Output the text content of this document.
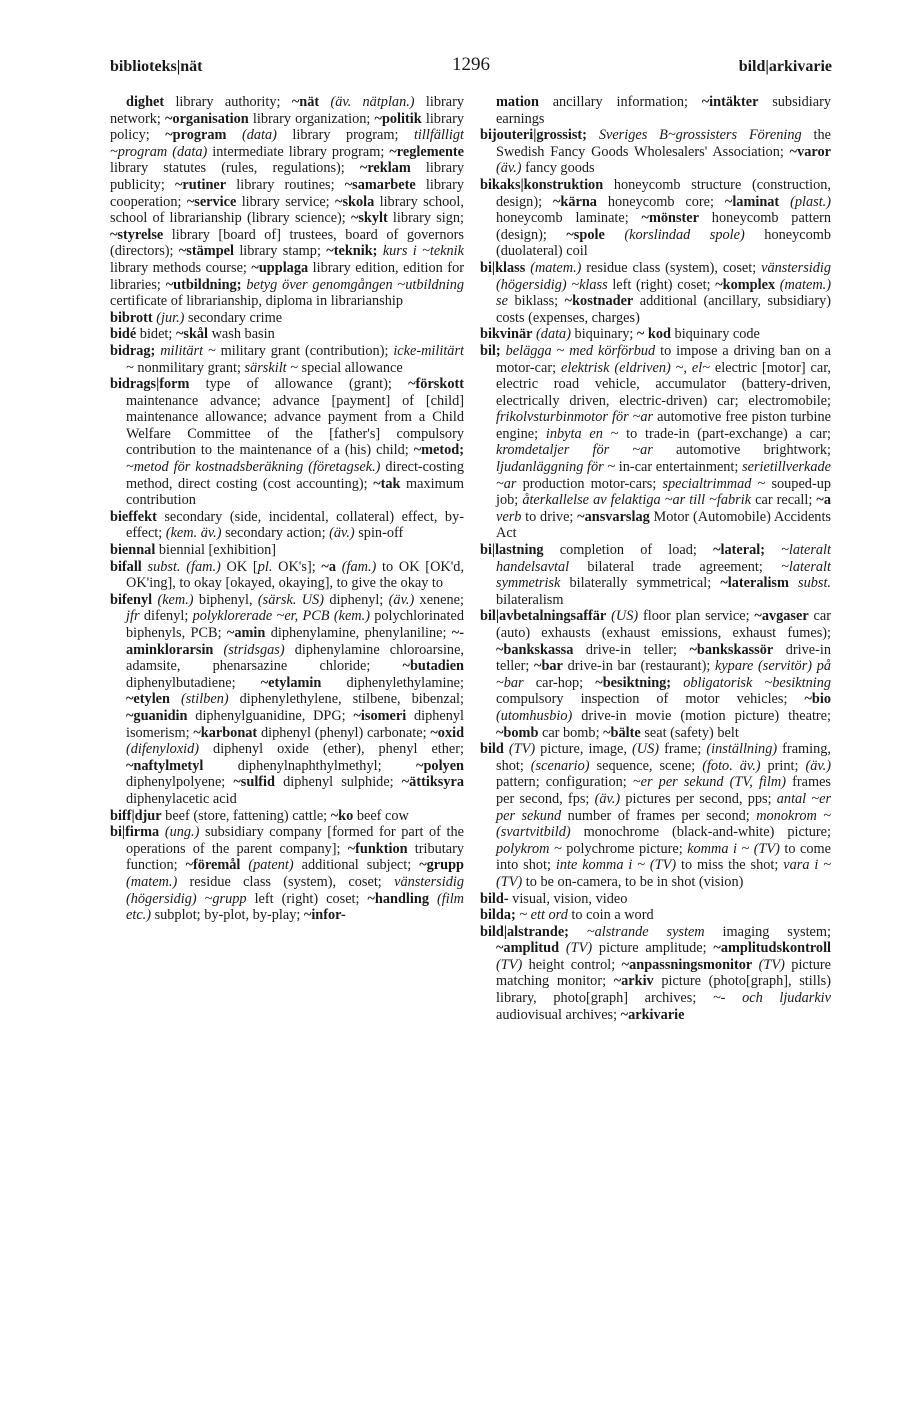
biblioteks|nät	1296	bild|arkivarie

dighet library authority; ~nät (äv. nätplan.) library network; ~organisation library organization; ~politik library policy; ~program (data) library program; tillfälligt ~program (data) intermediate library program; ~reglemente library statutes (rules, regulations); ~reklam library publicity; ~rutiner library routines; ~samarbete library cooperation; ~service library service; ~skola library school, school of librarianship (library science); ~skylt library sign; ~styrelse library [board of] trustees, board of governors (directors); ~stämpel library stamp; ~teknik; kurs i ~teknik library methods course; ~upplaga library edition, edition for libraries; ~utbildning; betyg över genomgången ~utbildning certificate of librarianship, diploma in librarianship

bibrott (jur.) secondary crime

bidé bidet; ~skål wash basin

bidrag; militärt ~ military grant (contribution); icke-militärt ~ nonmilitary grant; särskilt ~ special allowance

bidrags|form type of allowance (grant); ~förskott maintenance advance; advance [payment] of [child] maintenance allowance; advance payment from a Child Welfare Committee of the [father's] compulsory contribution to the maintenance of a (his) child; ~metod; ~metod för kostnadsberäkning (företagsek.) direct-costing method, direct costing (cost accounting); ~tak maximum contribution

bieffekt secondary (side, incidental, collateral) effect, by-effect; (kem. äv.) secondary action; (äv.) spin-off

biennal biennial [exhibition]

bifall subst. (fam.) OK [pl. OK's]; ~a (fam.) to OK [OK'd, OK'ing], to okay [okayed, okaying], to give the okay to

bifenyl (kem.) biphenyl, (särsk. US) diphenyl; (äv.) xenene; jfr difenyl; polyklorerade ~er, PCB (kem.) polychlorinated biphenyls, PCB; ~amin diphenylamine, phenylaniline; ~-aminklorarsin (stridsgas) diphenylamine chloroarsine, adamsite, phenarsazine chloride; ~butadien diphenylbutadiene; ~etylamin diphenylethylamine; ~etylen (stilben) diphenylethylene, stilbene, bibenzal; ~guanidin diphenylguanidine, DPG; ~isomeri diphenyl isomerism; ~karbonat diphenyl (phenyl) carbonate; ~oxid (difenyloxid) diphenyl oxide (ether), phenyl ether; ~naftylmetyl diphenylnaphthylmethyl; ~polyen diphenylpolyene; ~sulfid diphenyl sulphide; ~ättiksyra diphenylacetic acid

biff|djur beef (store, fattening) cattle; ~ko beef cow

bi|firma (ung.) subsidiary company [formed for part of the operations of the parent company]; ~funktion tributary function; ~föremål (patent) additional subject; ~grupp (matem.) residue class (system), coset; vänstersidig (högersidig) ~grupp left (right) coset; ~handling (film etc.) subplot; by-plot, by-play; ~infor-

mation ancillary information; ~intäkter subsidiary earnings

bijouteri|grossist; Sveriges B~grossisters Förening the Swedish Fancy Goods Wholesalers' Association; ~varor (äv.) fancy goods

bikaks|konstruktion honeycomb structure (construction, design); ~kärna honeycomb core; ~laminat (plast.) honeycomb laminate; ~mönster honeycomb pattern (design); ~spole (korslindad spole) honeycomb (duolateral) coil

bi|klass (matem.) residue class (system), coset; vänstersidig (högersidig) ~klass left (right) coset; ~komplex (matem.) se biklass; ~kostnader additional (ancillary, subsidiary) costs (expenses, charges)

bikvinär (data) biquinary; ~ kod biquinary code

bil; belägga ~ med körförbud to impose a driving ban on a motor-car; elektrisk (eldriven) ~, el~ electric [motor] car, electric road vehicle, accumulator (battery-driven, electrically driven, electric-driven) car; electromobile; frikolvsturbinmotor för ~ar automotive free piston turbine engine; inbyta en ~ to trade-in (part-exchange) a car; kromdetaljer för ~ar automotive brightwork; ljudanläggning för ~ in-car entertainment; serietillverkade ~ar production motor-cars; specialtrimmad ~ souped-up job; återkallelse av felaktiga ~ar till ~fabrik car recall; ~a verb to drive; ~ansvarslag Motor (Automobile) Accidents Act

bi|lastning completion of load; ~lateral; ~lateralt handelsavtal bilateral trade agreement; ~lateralt symmetrisk bilaterally symmetrical; ~lateralism subst. bilateralism

bil|avbetalningsaffär (US) floor plan service; ~avgaser car (auto) exhausts (exhaust emissions, exhaust fumes); ~bankskassa drive-in teller; ~bankskassör drive-in teller; ~bar drive-in bar (restaurant); kypare (servitör) på ~bar car-hop; ~besiktning; obligatorisk ~besiktning compulsory inspection of motor vehicles; ~bio (utomhusbio) drive-in movie (motion picture) theatre; ~bomb car bomb; ~bälte seat (safety) belt

bild (TV) picture, image, (US) frame; (inställning) framing, shot; (scenario) sequence, scene; (foto. äv.) print; (äv.) pattern; configuration; ~er per sekund (TV, film) frames per second, fps; (äv.) pictures per second, pps; antal ~er per sekund number of frames per second; monokrom ~ (svartvitbild) monochrome (black-and-white) picture; polykrom ~ polychrome picture; komma i ~ (TV) to come into shot; inte komma i ~ (TV) to miss the shot; vara i ~ (TV) to be on-camera, to be in shot (vision)

bild- visual, vision, video

bilda; ~ ett ord to coin a word

bild|alstrande; ~alstrande system imaging system; ~amplitud (TV) picture amplitude; ~amplitudskontroll (TV) height control; ~anpassningsmonitor (TV) picture matching monitor; ~arkiv picture (photo[graph], stills) library, photo[graph] archives; ~- och ljudarkiv audiovisual archives; ~arkivarie
